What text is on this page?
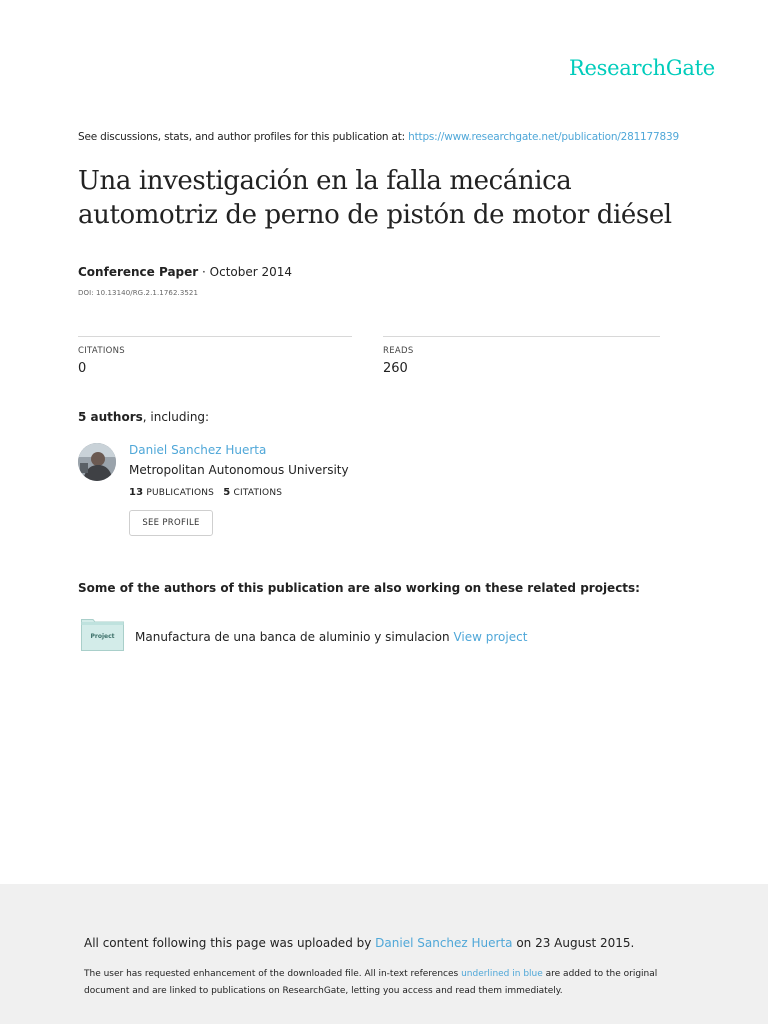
ResearchGate
See discussions, stats, and author profiles for this publication at: https://www.researchgate.net/publication/281177839
Una investigación en la falla mecánica automotriz de perno de pistón de motor diésel
Conference Paper · October 2014
DOI: 10.13140/RG.2.1.1762.3521
CITATIONS
0
READS
260
5 authors, including:
Daniel Sanchez Huerta
Metropolitan Autonomous University
13 PUBLICATIONS 5 CITATIONS
SEE PROFILE
Some of the authors of this publication are also working on these related projects:
Project	Manufactura de una banca de aluminio y simulacion View project
All content following this page was uploaded by Daniel Sanchez Huerta on 23 August 2015.
The user has requested enhancement of the downloaded file. All in-text references underlined in blue are added to the original document and are linked to publications on ResearchGate, letting you access and read them immediately.
